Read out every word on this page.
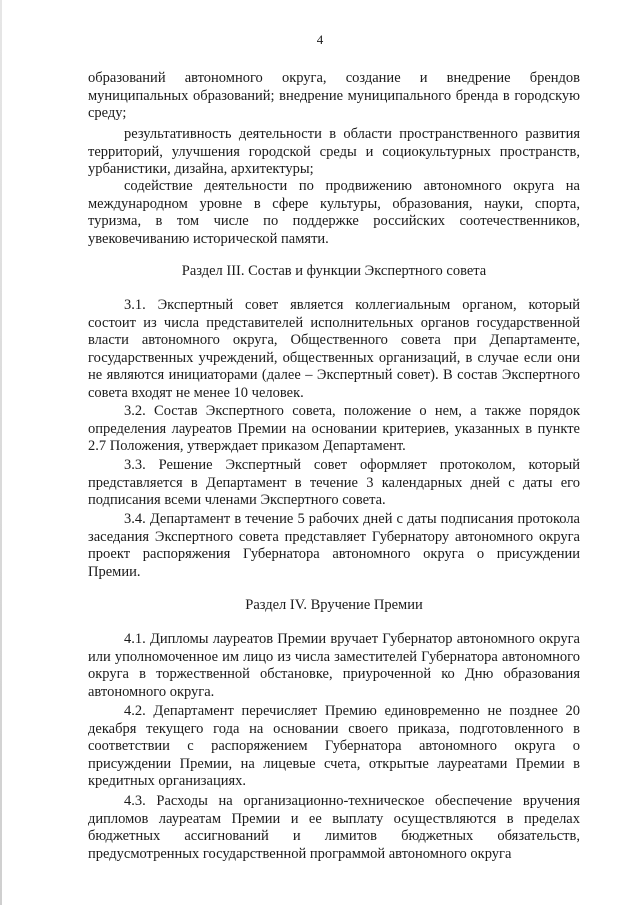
4

образований автономного округа, создание и внедрение брендов муниципальных образований; внедрение муниципального бренда в городскую среду;

результативность деятельности в области пространственного развития территорий, улучшения городской среды и социокультурных пространств, урбанистики, дизайна, архитектуры;

содействие деятельности по продвижению автономного округа на международном уровне в сфере культуры, образования, науки, спорта, туризма, в том числе по поддержке российских соотечественников, увековечиванию исторической памяти.

Раздел III. Состав и функции Экспертного совета

3.1. Экспертный совет является коллегиальным органом, который состоит из числа представителей исполнительных органов государственной власти автономного округа, Общественного совета при Департаменте, государственных учреждений, общественных организаций, в случае если они не являются инициаторами (далее – Экспертный совет). В состав Экспертного совета входят не менее 10 человек.

3.2. Состав Экспертного совета, положение о нем, а также порядок определения лауреатов Премии на основании критериев, указанных в пункте 2.7 Положения, утверждает приказом Департамент.

3.3. Решение Экспертный совет оформляет протоколом, который представляется в Департамент в течение 3 календарных дней с даты его подписания всеми членами Экспертного совета.

3.4. Департамент в течение 5 рабочих дней с даты подписания протокола заседания Экспертного совета представляет Губернатору автономного округа проект распоряжения Губернатора автономного округа о присуждении Премии.

Раздел IV. Вручение Премии

4.1. Дипломы лауреатов Премии вручает Губернатор автономного округа или уполномоченное им лицо из числа заместителей Губернатора автономного округа в торжественной обстановке, приуроченной ко Дню образования автономного округа.

4.2. Департамент перечисляет Премию единовременно не позднее 20 декабря текущего года на основании своего приказа, подготовленного в соответствии с распоряжением Губернатора автономного округа о присуждении Премии, на лицевые счета, открытые лауреатами Премии в кредитных организациях.

4.3. Расходы на организационно-техническое обеспечение вручения дипломов лауреатам Премии и ее выплату осуществляются в пределах бюджетных ассигнований и лимитов бюджетных обязательств, предусмотренных государственной программой автономного округа
